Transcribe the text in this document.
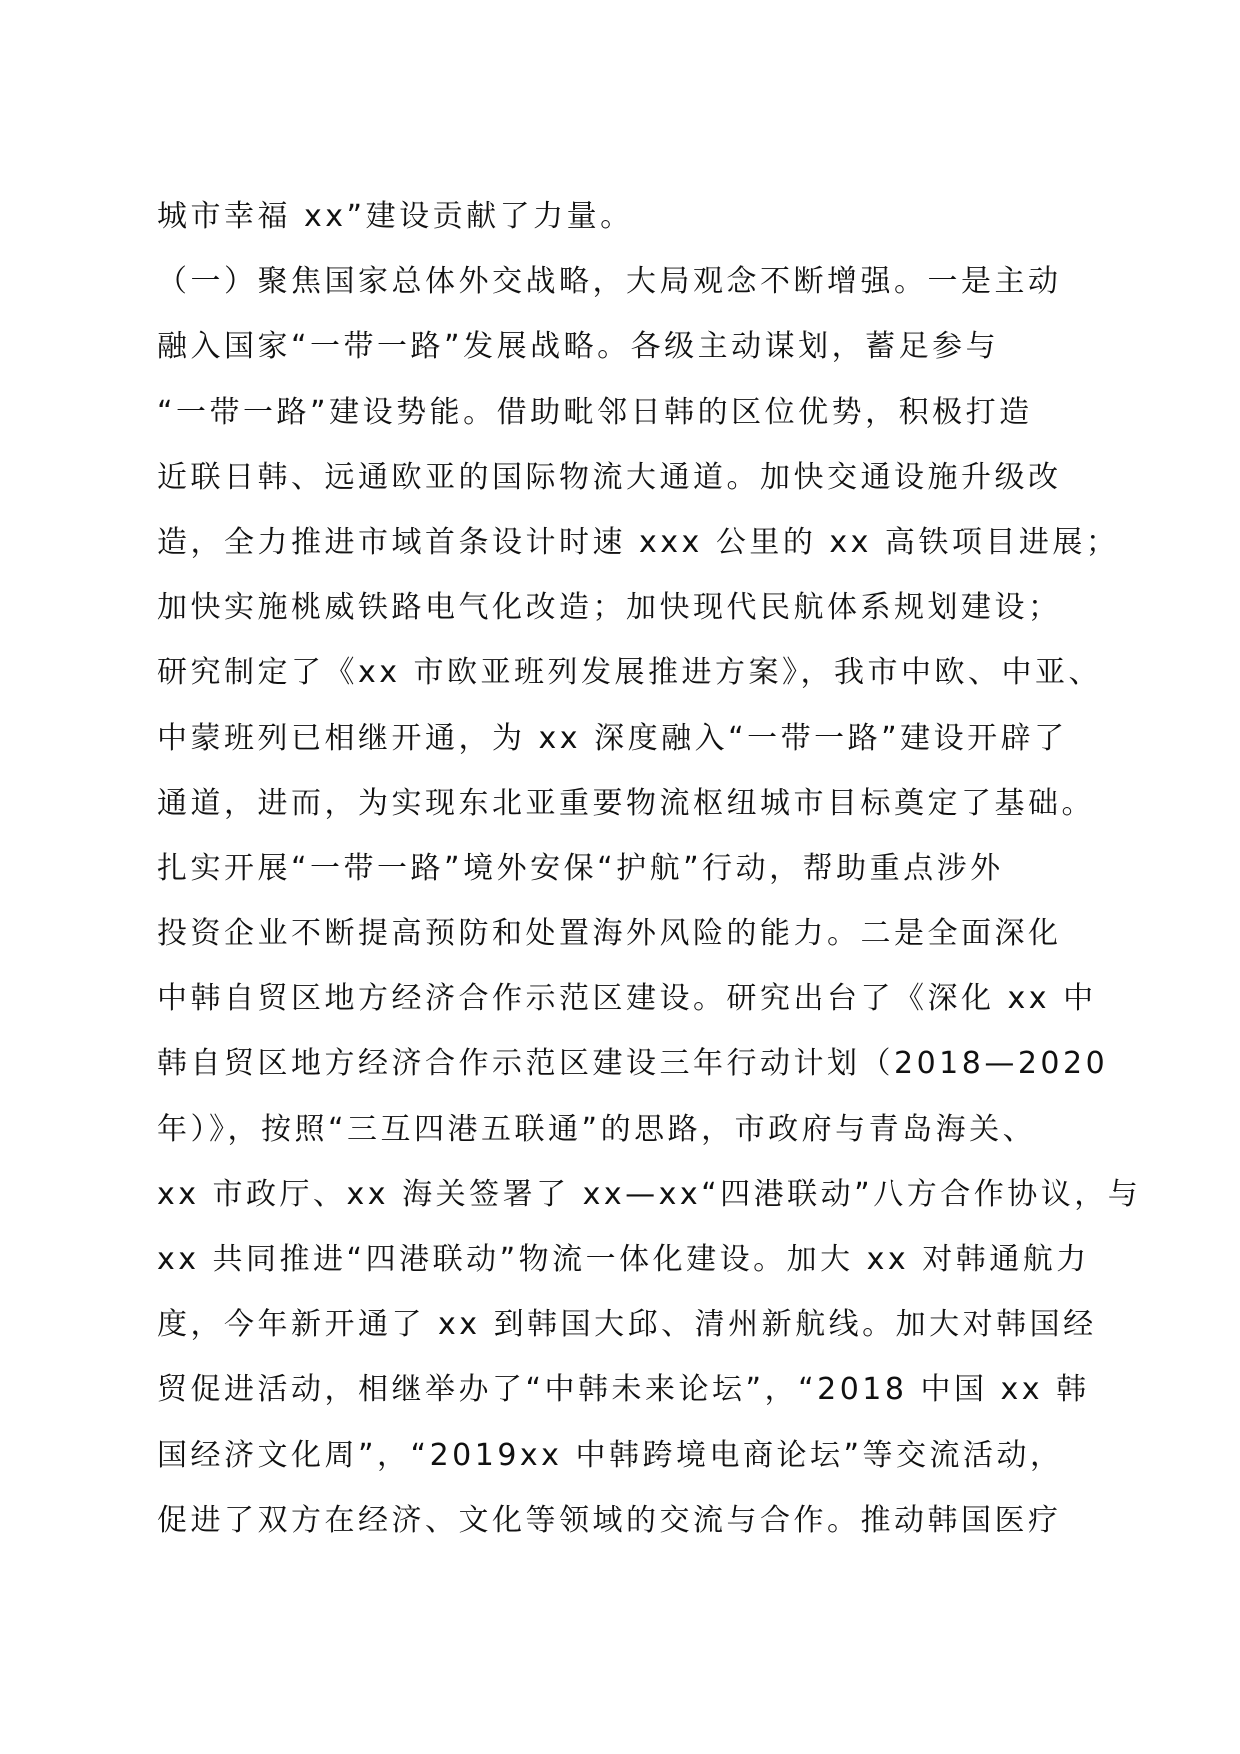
城市幸福 xx”建设贡献了力量。
（一）聚焦国家总体外交战略，大局观念不断增强。一是主动
融入国家“一带一路”发展战略。各级主动谋划，蓄足参与
“一带一路”建设势能。借助毗邻日韩的区位优势，积极打造
近联日韩、远通欧亚的国际物流大通道。加快交通设施升级改
造，全力推进市域首条设计时速 xxx 公里的 xx 高铁项目进展；
加快实施桃威铁路电气化改造；加快现代民航体系规划建设；
研究制定了《xx 市欧亚班列发展推进方案》，我市中欧、中亚、
中蒙班列已相继开通，为 xx 深度融入“一带一路”建设开辟了
通道，进而，为实现东北亚重要物流枢纽城市目标奠定了基础。
扎实开展“一带一路”境外安保“护航”行动，帮助重点涉外
投资企业不断提高预防和处置海外风险的能力。二是全面深化
中韩自贸区地方经济合作示范区建设。研究出台了《深化 xx 中
韩自贸区地方经济合作示范区建设三年行动计划（2018—2020
年）》，按照“三互四港五联通”的思路，市政府与青岛海关、
xx 市政厅、xx 海关签署了 xx—xx“四港联动”八方合作协议，与
xx 共同推进“四港联动”物流一体化建设。加大 xx 对韩通航力
度，今年新开通了 xx 到韩国大邱、清州新航线。加大对韩国经
贸促进活动，相继举办了“中韩未来论坛”，“2018 中国 xx 韩
国经济文化周”，“2019xx 中韩跨境电商论坛”等交流活动，
促进了双方在经济、文化等领域的交流与合作。推动韩国医疗
